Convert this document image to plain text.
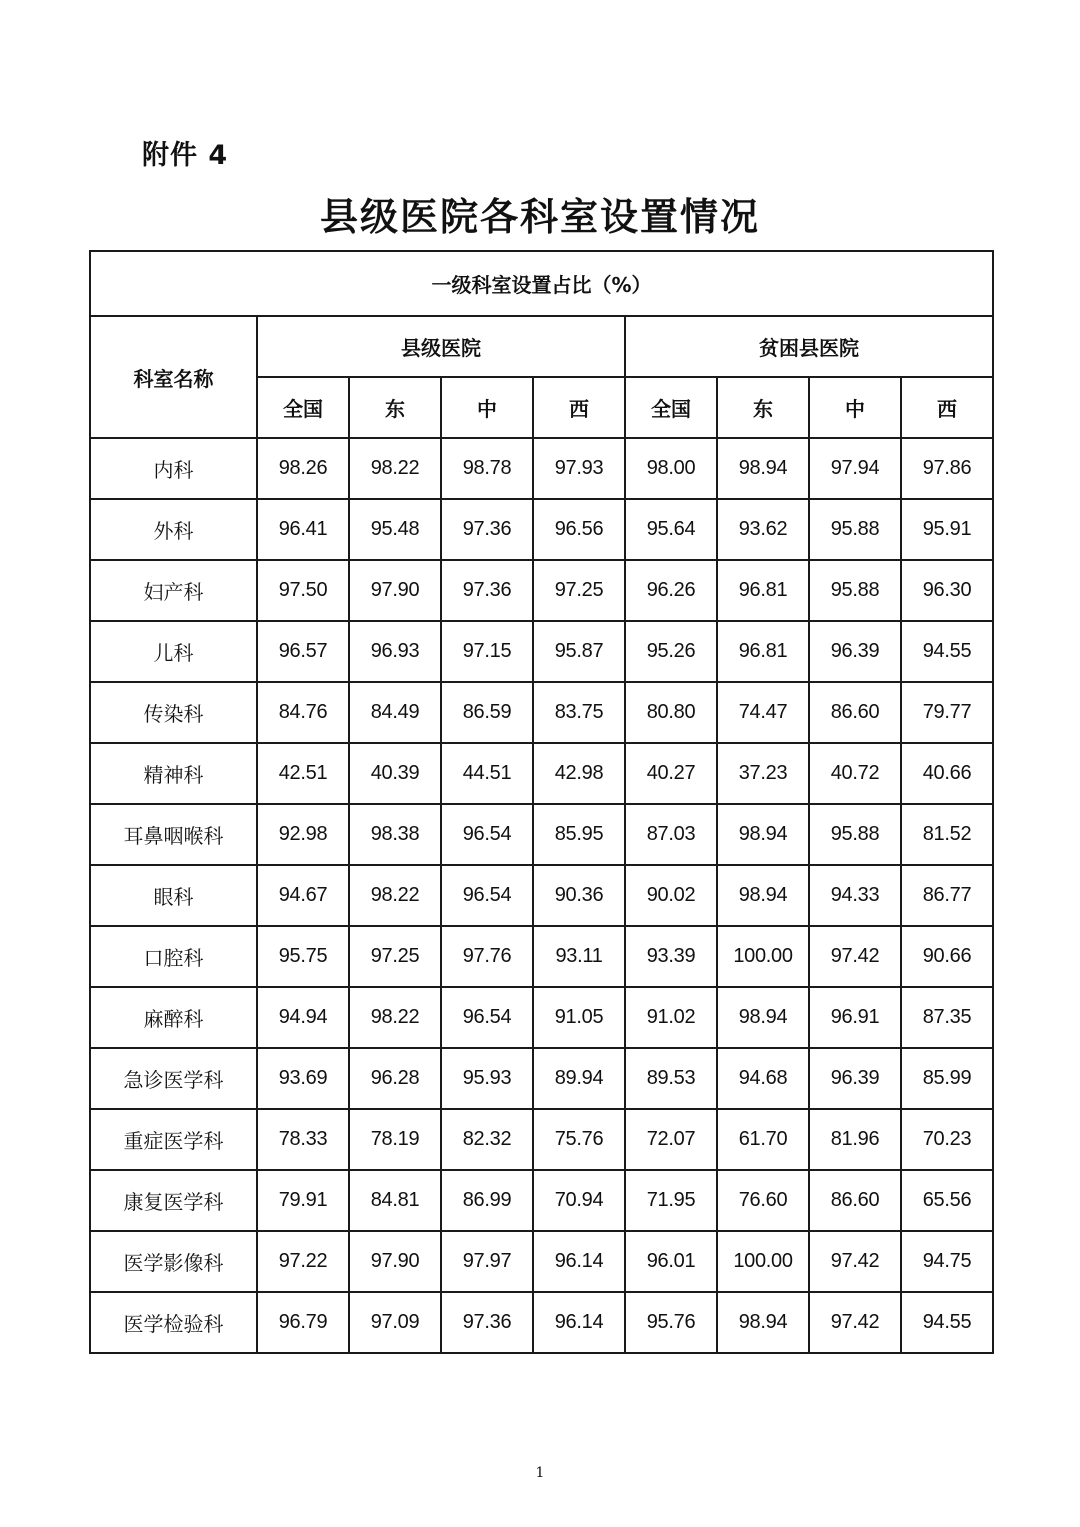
附件 4
县级医院各科室设置情况
一级科室设置占比（%）								
科室名称	县级医院				贫困县医院			
	全国	东	中	西	全国	东	中	西
内科	98.26	98.22	98.78	97.93	98.00	98.94	97.94	97.86
外科	96.41	95.48	97.36	96.56	95.64	93.62	95.88	95.91
妇产科	97.50	97.90	97.36	97.25	96.26	96.81	95.88	96.30
儿科	96.57	96.93	97.15	95.87	95.26	96.81	96.39	94.55
传染科	84.76	84.49	86.59	83.75	80.80	74.47	86.60	79.77
精神科	42.51	40.39	44.51	42.98	40.27	37.23	40.72	40.66
耳鼻咽喉科	92.98	98.38	96.54	85.95	87.03	98.94	95.88	81.52
眼科	94.67	98.22	96.54	90.36	90.02	98.94	94.33	86.77
口腔科	95.75	97.25	97.76	93.11	93.39	100.00	97.42	90.66
麻醉科	94.94	98.22	96.54	91.05	91.02	98.94	96.91	87.35
急诊医学科	93.69	96.28	95.93	89.94	89.53	94.68	96.39	85.99
重症医学科	78.33	78.19	82.32	75.76	72.07	61.70	81.96	70.23
康复医学科	79.91	84.81	86.99	70.94	71.95	76.60	86.60	65.56
医学影像科	97.22	97.90	97.97	96.14	96.01	100.00	97.42	94.75
医学检验科	96.79	97.09	97.36	96.14	95.76	98.94	97.42	94.55
1
